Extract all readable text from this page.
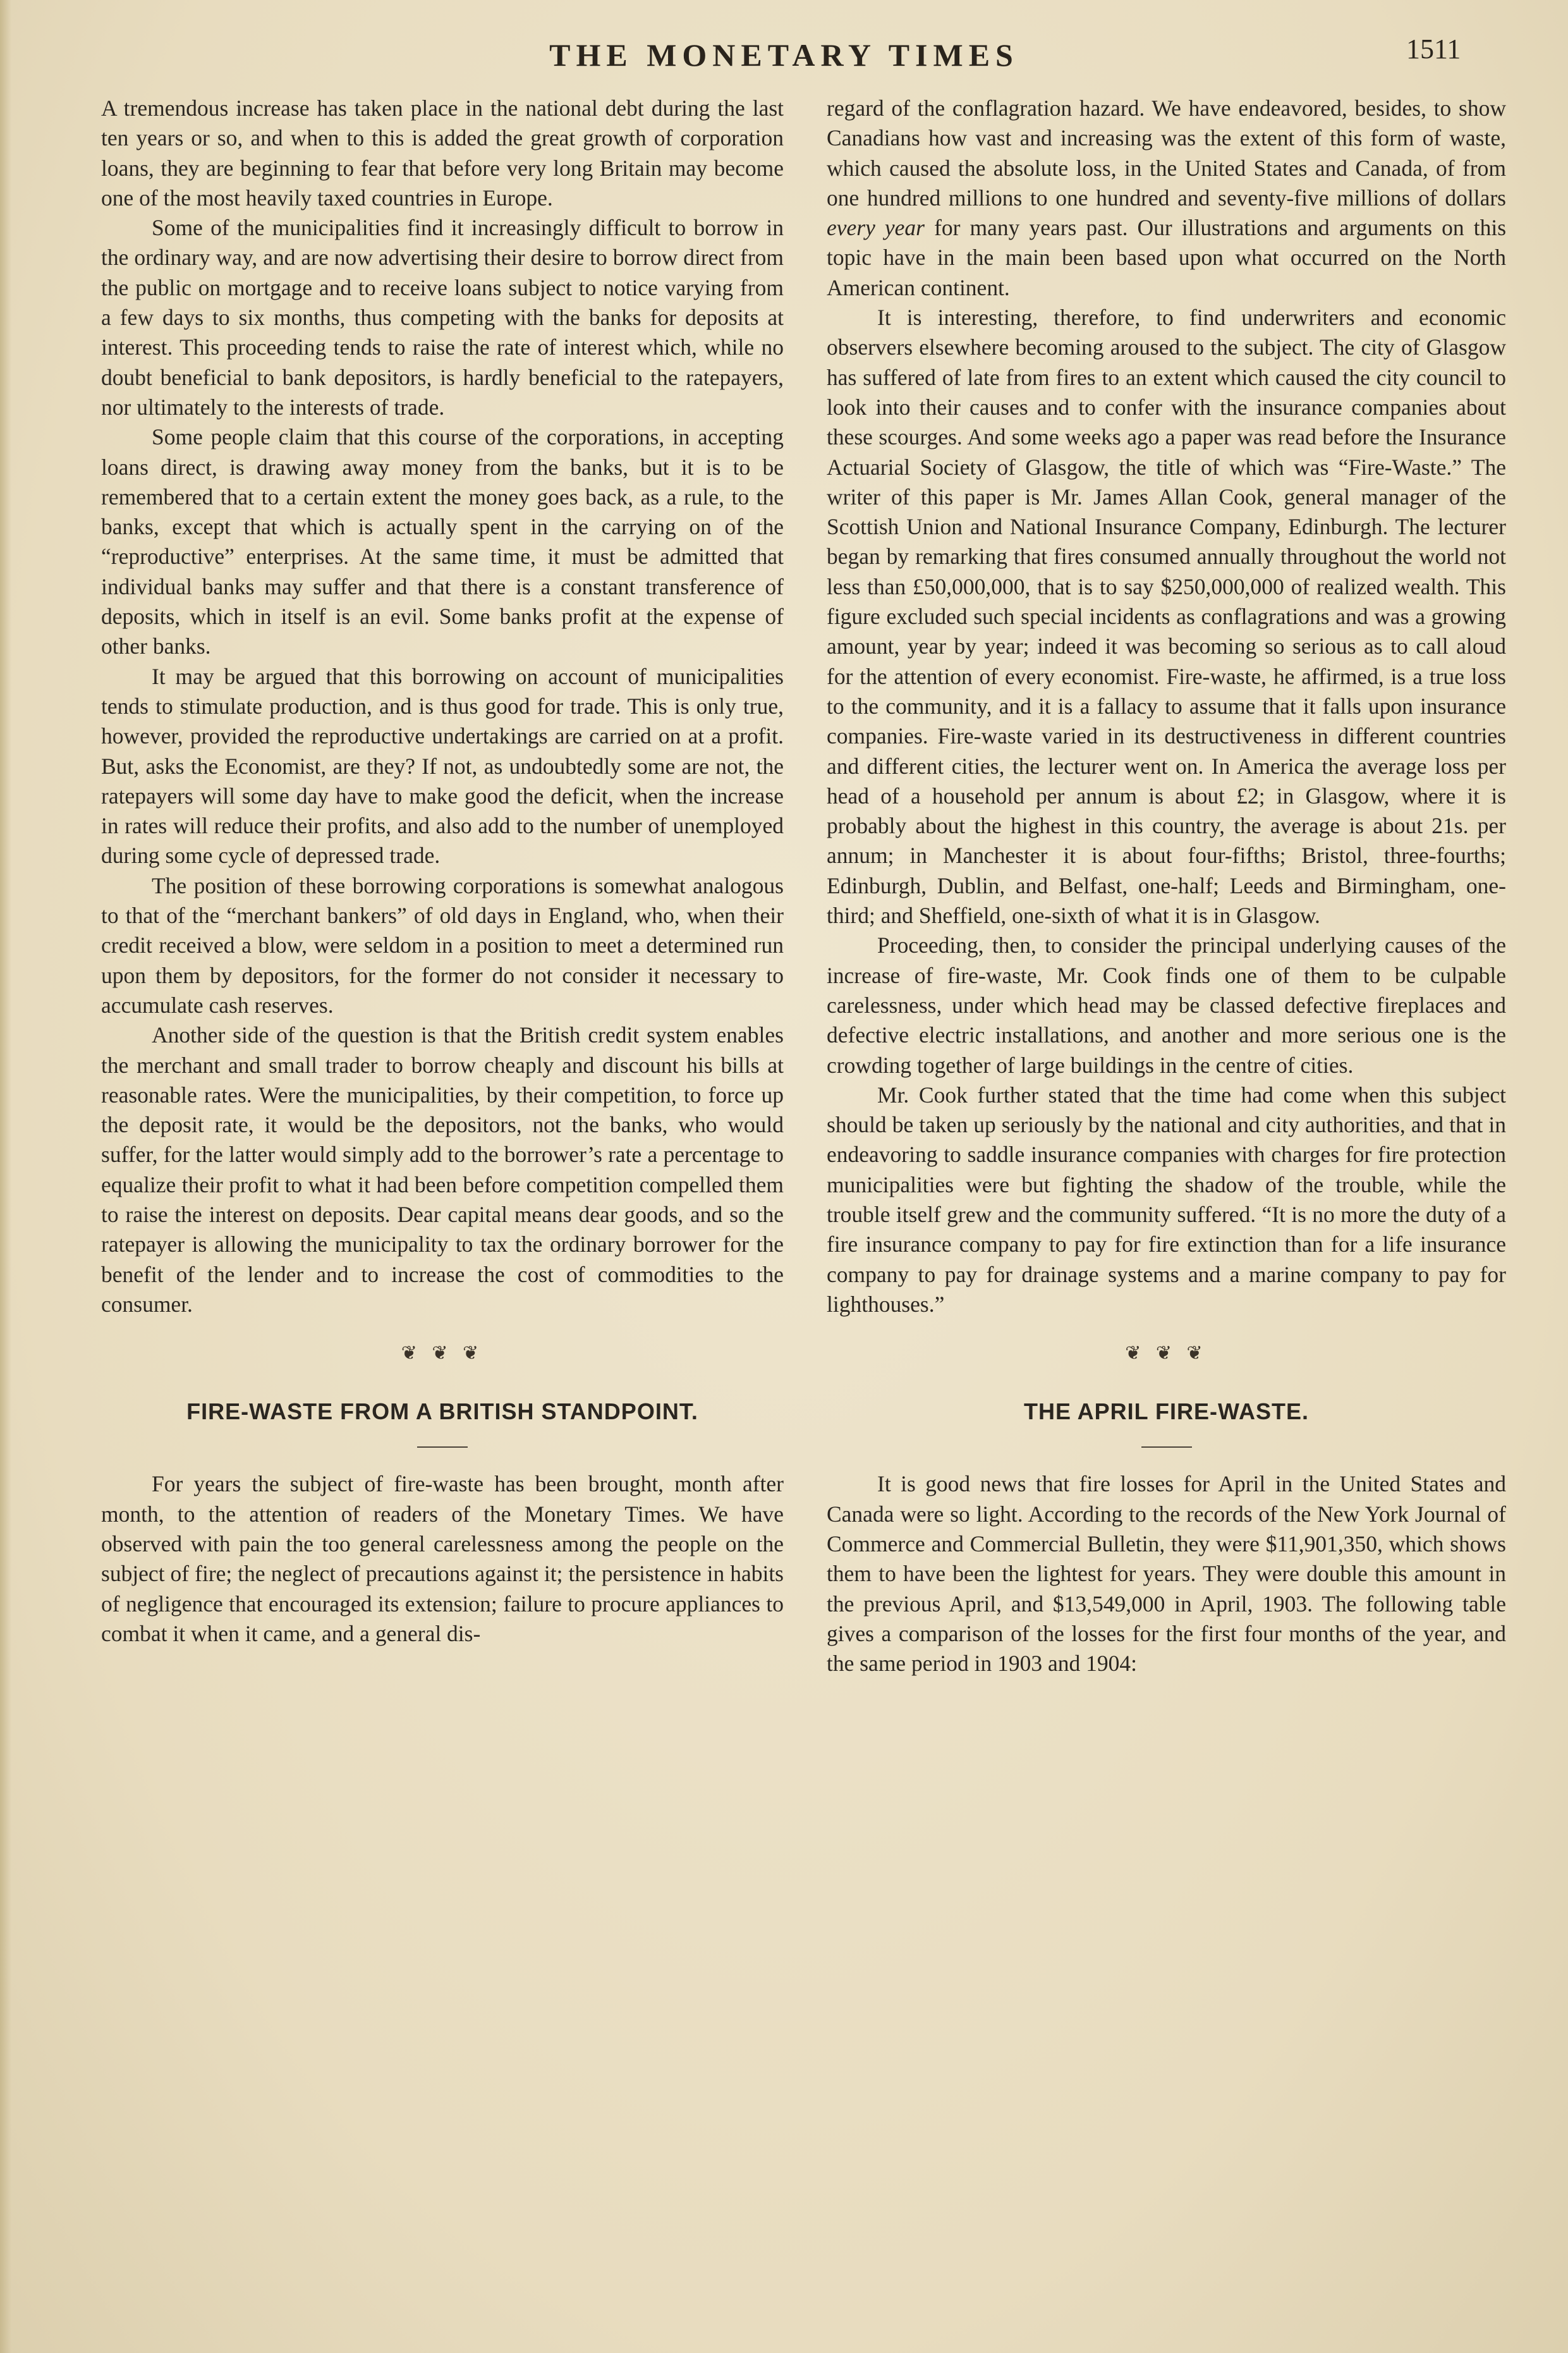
THE MONETARY TIMES	1511

A tremendous increase has taken place in the national debt during the last ten years or so, and when to this is added the great growth of corporation loans, they are beginning to fear that before very long Britain may become one of the most heavily taxed countries in Europe.

Some of the municipalities find it increasingly difficult to borrow in the ordinary way, and are now advertising their desire to borrow direct from the public on mortgage and to receive loans subject to notice varying from a few days to six months, thus competing with the banks for deposits at interest. This proceeding tends to raise the rate of interest which, while no doubt beneficial to bank depositors, is hardly beneficial to the ratepayers, nor ultimately to the interests of trade.

Some people claim that this course of the corporations, in accepting loans direct, is drawing away money from the banks, but it is to be remembered that to a certain extent the money goes back, as a rule, to the banks, except that which is actually spent in the carrying on of the “reproductive” enterprises. At the same time, it must be admitted that individual banks may suffer and that there is a constant transference of deposits, which in itself is an evil. Some banks profit at the expense of other banks.

It may be argued that this borrowing on account of municipalities tends to stimulate production, and is thus good for trade. This is only true, however, provided the reproductive undertakings are carried on at a profit. But, asks the Economist, are they? If not, as undoubtedly some are not, the ratepayers will some day have to make good the deficit, when the increase in rates will reduce their profits, and also add to the number of unemployed during some cycle of depressed trade.

The position of these borrowing corporations is somewhat analogous to that of the “merchant bankers” of old days in England, who, when their credit received a blow, were seldom in a position to meet a determined run upon them by depositors, for the former do not consider it necessary to accumulate cash reserves.

Another side of the question is that the British credit system enables the merchant and small trader to borrow cheaply and discount his bills at reasonable rates. Were the municipalities, by their competition, to force up the deposit rate, it would be the depositors, not the banks, who would suffer, for the latter would simply add to the borrower’s rate a percentage to equalize their profit to what it had been before competition compelled them to raise the interest on deposits. Dear capital means dear goods, and so the ratepayer is allowing the municipality to tax the ordinary borrower for the benefit of the lender and to increase the cost of commodities to the consumer.

❦ ❦ ❦
FIRE-WASTE FROM A BRITISH STANDPOINT.

For years the subject of fire-waste has been brought, month after month, to the attention of readers of the Monetary Times. We have observed with pain the too general carelessness among the people on the subject of fire; the neglect of precautions against it; the persistence in habits of negligence that encouraged its extension; failure to procure appliances to combat it when it came, and a general dis-

regard of the conflagration hazard. We have endeavored, besides, to show Canadians how vast and increasing was the extent of this form of waste, which caused the absolute loss, in the United States and Canada, of from one hundred millions to one hundred and seventy-five millions of dollars every year for many years past. Our illustrations and arguments on this topic have in the main been based upon what occurred on the North American continent.

It is interesting, therefore, to find underwriters and economic observers elsewhere becoming aroused to the subject. The city of Glasgow has suffered of late from fires to an extent which caused the city council to look into their causes and to confer with the insurance companies about these scourges. And some weeks ago a paper was read before the Insurance Actuarial Society of Glasgow, the title of which was “Fire-Waste.” The writer of this paper is Mr. James Allan Cook, general manager of the Scottish Union and National Insurance Company, Edinburgh. The lecturer began by remarking that fires consumed annually throughout the world not less than £50,000,000, that is to say $250,000,000 of realized wealth. This figure excluded such special incidents as conflagrations and was a growing amount, year by year; indeed it was becoming so serious as to call aloud for the attention of every economist. Fire-waste, he affirmed, is a true loss to the community, and it is a fallacy to assume that it falls upon insurance companies. Fire-waste varied in its destructiveness in different countries and different cities, the lecturer went on. In America the average loss per head of a household per annum is about £2; in Glasgow, where it is probably about the highest in this country, the average is about 21s. per annum; in Manchester it is about four-fifths; Bristol, three-fourths; Edinburgh, Dublin, and Belfast, one-half; Leeds and Birmingham, one-third; and Sheffield, one-sixth of what it is in Glasgow.

Proceeding, then, to consider the principal underlying causes of the increase of fire-waste, Mr. Cook finds one of them to be culpable carelessness, under which head may be classed defective fireplaces and defective electric installations, and another and more serious one is the crowding together of large buildings in the centre of cities.

Mr. Cook further stated that the time had come when this subject should be taken up seriously by the national and city authorities, and that in endeavoring to saddle insurance companies with charges for fire protection municipalities were but fighting the shadow of the trouble, while the trouble itself grew and the community suffered. “It is no more the duty of a fire insurance company to pay for fire extinction than for a life insurance company to pay for drainage systems and a marine company to pay for lighthouses.”

❦ ❦ ❦
THE APRIL FIRE-WASTE.

It is good news that fire losses for April in the United States and Canada were so light. According to the records of the New York Journal of Commerce and Commercial Bulletin, they were $11,901,350, which shows them to have been the lightest for years. They were double this amount in the previous April, and $13,549,000 in April, 1903. The following table gives a comparison of the losses for the first four months of the year, and the same period in 1903 and 1904:
